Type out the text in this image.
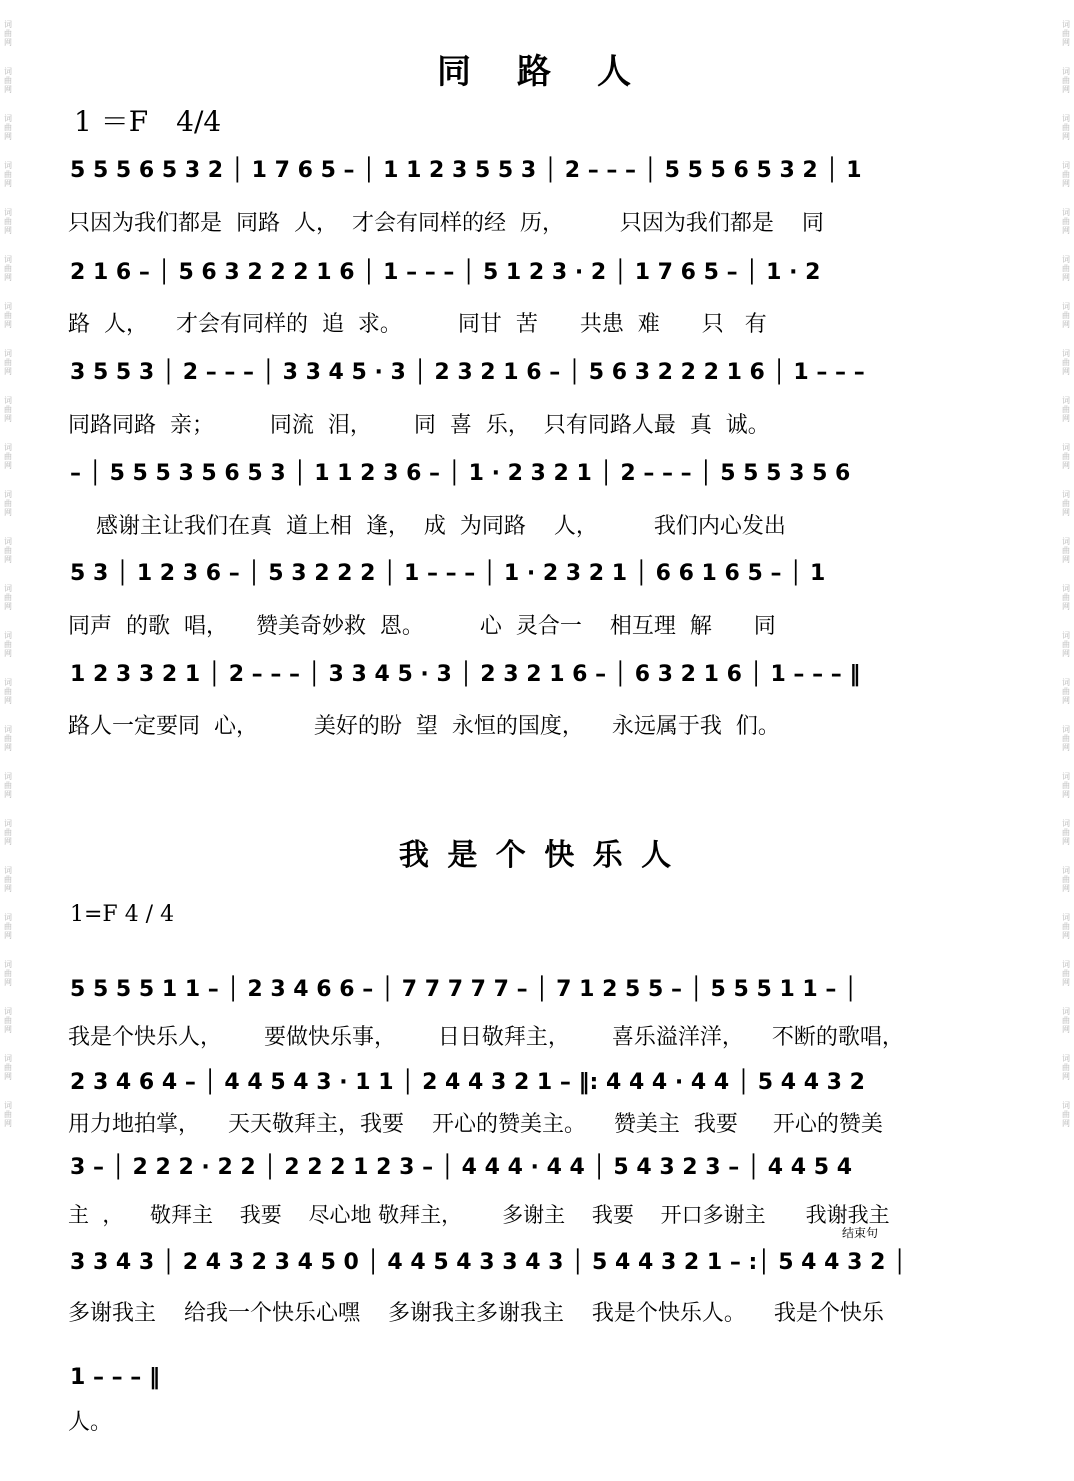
词
曲
网
词
曲
网
词
曲
网
词
曲
网
词
曲
网
词
曲
网
词
曲
网
词
曲
网
词
曲
网
词
曲
网
词
曲
网
词
曲
网
词
曲
网
词
曲
网
词
曲
网
词
曲
网
词
曲
网
词
曲
网
词
曲
网
词
曲
网
词
曲
网
词
曲
网
词
曲
网
词
曲
网
词
曲
网
词
曲
网
词
曲
网
词
曲
网
词
曲
网
词
曲
网
词
曲
网
词
曲
网
词
曲
网
词
曲
网
词
曲
网
词
曲
网
词
曲
网
词
曲
网
词
曲
网
词
曲
网
词
曲
网
词
曲
网
词
曲
网
词
曲
网
词
曲
网
词
曲
网
词
曲
网
词
曲
网
同　路　人
1 ＝F　4/4
5 5 5 6 5 3 2 │ 1 7 6 5 – │ 1 1 2 3 5 5 3 │ 2 – – – │ 5 5 5 6 5 3 2 │ 1
只因为我们都是  同路  人，  才会有同样的经  历，        只因为我们都是    同
2 1 6 – │ 5 6 3 2 2 2 1 6 │ 1 – – – │ 5 1 2 3 · 2 │ 1 7 6 5 – │ 1 · 2
路  人，    才会有同样的  追  求。        同甘  苦      共患  难      只   有
3 5 5 3 │ 2 – – – │ 3 3 4 5 · 3 │ 2 3 2 1 6 – │ 5 6 3 2 2 2 1 6 │ 1 – – –
同路同路  亲；        同流  泪，      同  喜  乐，  只有同路人最  真  诚。
– │ 5 5 5 3 5 6 5 3 │ 1 1 2 3 6 – │ 1 · 2 3 2 1 │ 2 – – – │ 5 5 5 3 5 6
感谢主让我们在真  道上相  逢，  成  为同路    人，        我们内心发出
5 3 │ 1 2 3 6 – │ 5 3 2 2 2 │ 1 – – – │ 1 · 2 3 2 1 │ 6 6 1 6 5 – │ 1
同声  的歌  唱，    赞美奇妙救  恩。        心  灵合一    相互理  解      同
1 2 3 3 2 1 │ 2 – – – │ 3 3 4 5 · 3 │ 2 3 2 1 6 – │ 6 3 2 1 6 │ 1 – – – ‖
路人一定要同  心，        美好的盼  望  永恒的国度，    永远属于我  们。
我 是 个 快 乐 人
1=F 4 / 4
5 5 5 5 1 1 – │ 2 3 4 6 6 – │ 7 7 7 7 7 – │ 7 1 2 5 5 – │ 5 5 5 1 1 – │
我是个快乐人，      要做快乐事，      日日敬拜主，      喜乐溢洋洋，    不断的歌唱，
2 3 4 6 4 – │ 4 4 5 4 3 · 1 1 │ 2 4 4 3 2 1 – ‖: 4 4 4 · 4 4 │ 5 4 4 3 2
用力地拍掌，    天天敬拜主，我要    开心的赞美主。    赞美主  我要     开心的赞美
3 – │ 2 2 2 · 2 2 │ 2 2 2 1 2 3 – │ 4 4 4 · 4 4 │ 5 4 3 2 3 – │ 4 4 5 4
主  ，    敬拜主    我要    尽心地 敬拜主，      多谢主    我要    开口多谢主      我谢我主
结束句
3 3 4 3 │ 2 4 3 2 3 4 5 0 │ 4 4 5 4 3 3 4 3 │ 5 4 4 3 2 1 – :│ 5 4 4 3 2 │
多谢我主    给我一个快乐心嘿    多谢我主多谢我主    我是个快乐人。    我是个快乐
1 – – – ‖
人。
